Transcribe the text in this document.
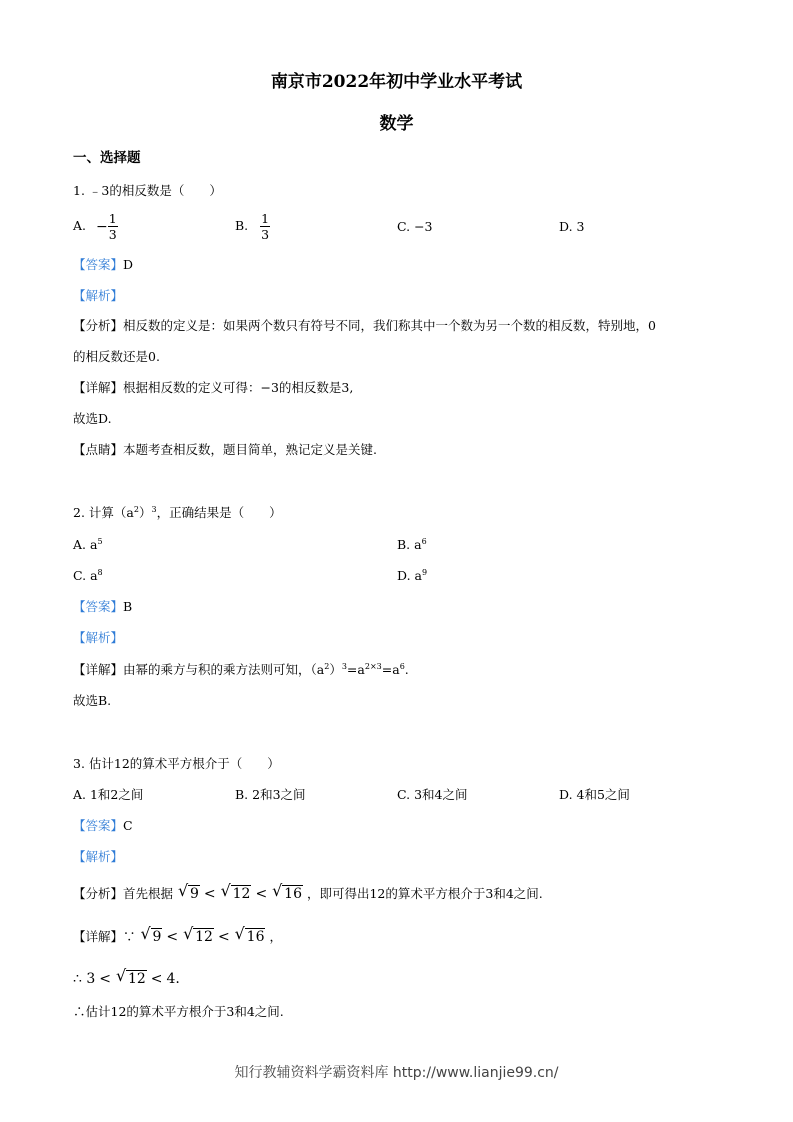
南京市2022年初中学业水平考试
数学
一、选择题
1. ﹣3的相反数是（　　）
A. − $\frac{1}{3}$	B. $\frac{1}{3}$	C. −3	D. 3
【答案】D
【解析】
【分析】相反数的定义是：如果两个数只有符号不同，我们称其中一个数为另一个数的相反数，特别地，0
的相反数还是0.
【详解】根据相反数的定义可得：−3的相反数是3,
故选D.
【点睛】本题考查相反数，题目简单，熟记定义是关键.
2. 计算$(a^2)^3$，正确结果是（　　）
A. $a^5$	B. $a^6$
C. $a^8$	D. $a^9$
【答案】B
【解析】
【详解】由幂的乘方与积的乘方法则可知，$(a^2)^3=a^{2\times 3}=a^6$.
故选B.
3. 估计12的算术平方根介于（　　）
A. 1和2之间	B. 2和3之间	C. 3和4之间	D. 4和5之间
【答案】C
【解析】
【分析】首先根据 √ 9 < √ 12 < √ 16 ，即可得出12的算术平方根介于3和4之间.
【详解】∵ √ 9 < √ 12 < √ 16 ，
∴ 3 < √ 12 < 4.
∴估计12的算术平方根介于3和4之间.
知行教辅资料学霸资料库 http://www.lianjie99.cn/
